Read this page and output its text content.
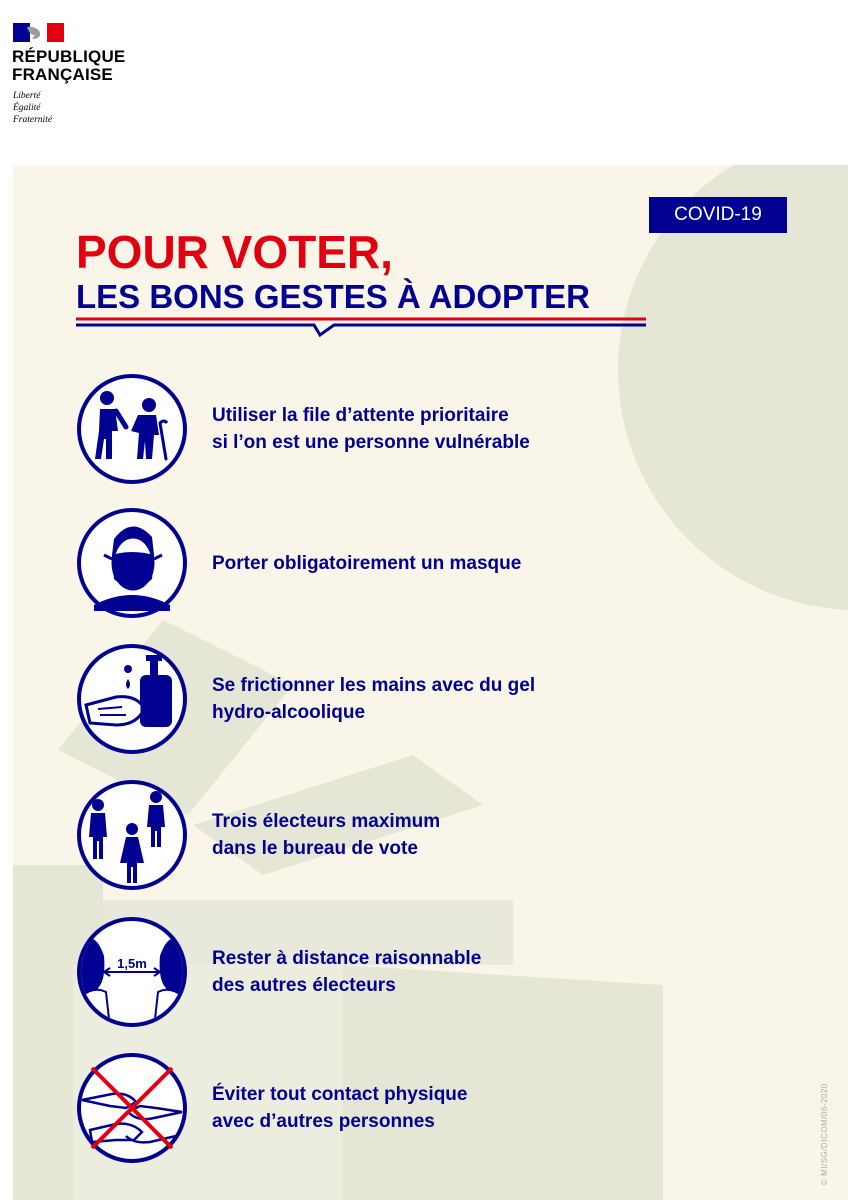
RÉPUBLIQUE
FRANÇAISE
Liberté
Égalité
Fraternité
COVID-19
POUR VOTER,
LES BONS GESTES À ADOPTER
Utiliser la file d’attente prioritaire
si l’on est une personne vulnérable
Porter obligatoirement un masque
Se frictionner les mains avec du gel
hydro-alcoolique
Trois électeurs maximum
dans le bureau de vote
1,5m	Rester à distance raisonnable
des autres électeurs
Éviter tout contact physique
avec d’autres personnes	© MI/SG/DICOM/06-2020
